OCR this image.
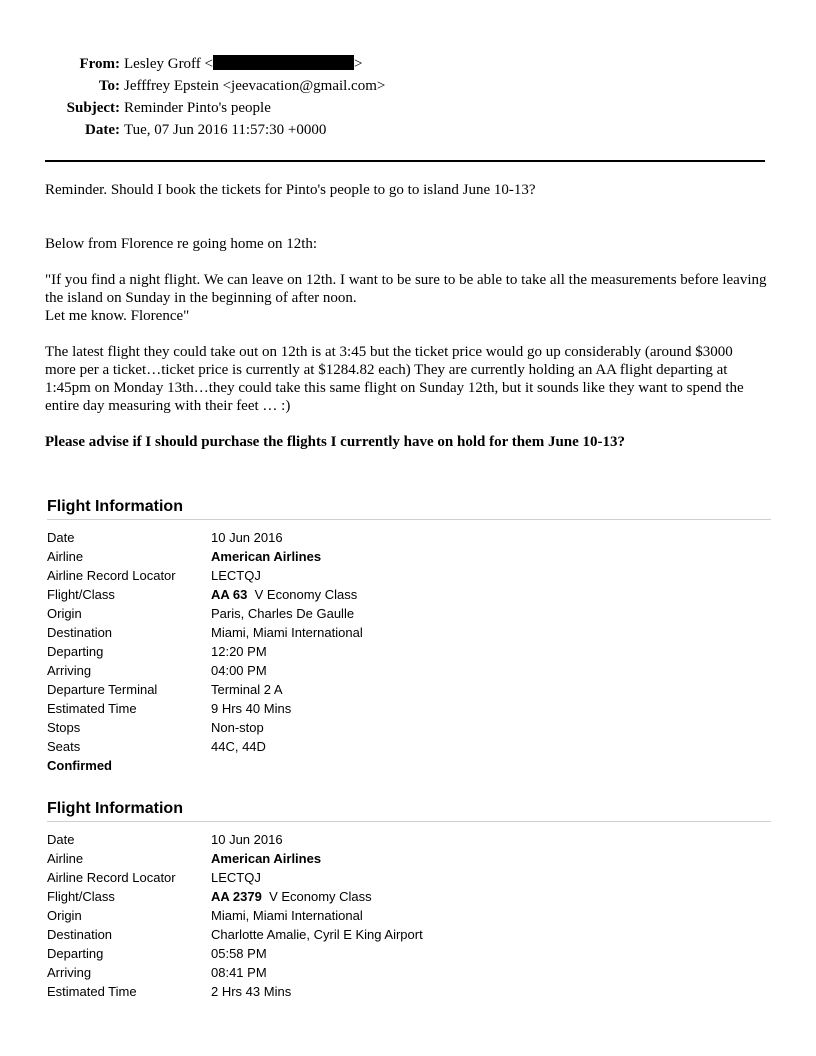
From: Lesley Groff <	>
To: Jefffrey Epstein <jeevacation@gmail.com>
Subject: Reminder Pinto's people
Date: Tue, 07 Jun 2016 11:57:30 +0000

Reminder. Should I book the tickets for Pinto's people to go to island June 10-13?

Below from Florence re going home on 12th:

"If you find a night flight. We can leave on 12th. I want to be sure to be able to take all the measurements before leaving the island on Sunday in the beginning of after noon.
Let me know. Florence"

The latest flight they could take out on 12th is at 3:45 but the ticket price would go up considerably (around $3000 more per a ticket…ticket price is currently at $1284.82 each) They are currently holding an AA flight departing at 1:45pm on Monday 13th…they could take this same flight on Sunday 12th, but it sounds like they want to spend the entire day measuring with their feet … :)

Please advise if I should purchase the flights I currently have on hold for them June 10-13?

Flight Information
Date	10 Jun 2016
Airline	American Airlines
Airline Record Locator	LECTQJ
Flight/Class	AA 63 V Economy Class
Origin	Paris, Charles De Gaulle
Destination	Miami, Miami International
Departing	12:20 PM
Arriving	04:00 PM
Departure Terminal	Terminal 2 A
Estimated Time	9 Hrs 40 Mins
Stops	Non-stop
Seats	44C, 44D
Confirmed
Flight Information
Date	10 Jun 2016
Airline	American Airlines
Airline Record Locator	LECTQJ
Flight/Class	AA 2379 V Economy Class
Origin	Miami, Miami International
Destination	Charlotte Amalie, Cyril E King Airport
Departing	05:58 PM
Arriving	08:41 PM
Estimated Time	2 Hrs 43 Mins
